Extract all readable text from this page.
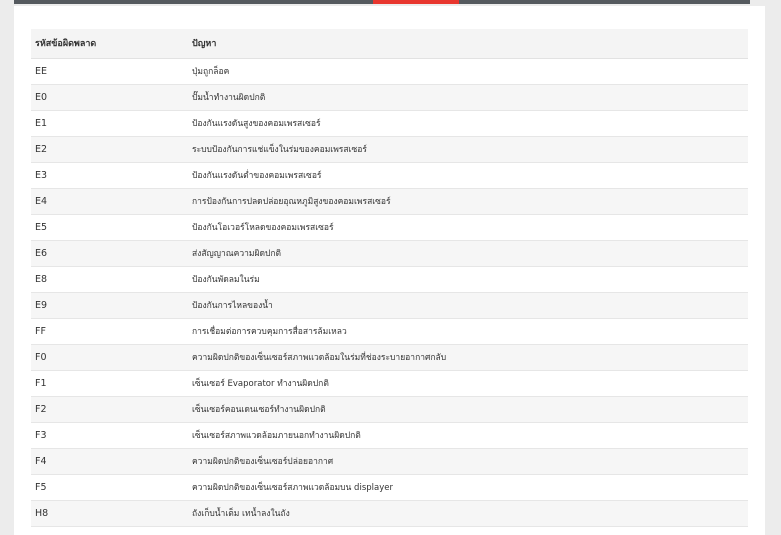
รหัสข้อผิดพลาด	ปัญหา
EE	ปุ่มถูกล็อค
E0	ปั๊มน้ำทำงานผิดปกติ
E1	ป้องกันแรงดันสูงของคอมเพรสเซอร์
E2	ระบบป้องกันการแช่แข็งในร่มของคอมเพรสเซอร์
E3	ป้องกันแรงดันต่ำของคอมเพรสเซอร์
E4	การป้องกันการปลดปล่อยอุณหภูมิสูงของคอมเพรสเซอร์
E5	ป้องกันโอเวอร์โหลดของคอมเพรสเซอร์
E6	ส่งสัญญาณความผิดปกติ
E8	ป้องกันพัดลมในร่ม
E9	ป้องกันการไหลของน้ำ
FF	การเชื่อมต่อการควบคุมการสื่อสารล้มเหลว
F0	ความผิดปกติของเซ็นเซอร์สภาพแวดล้อมในร่มที่ช่องระบายอากาศกลับ
F1	เซ็นเซอร์ Evaporator ทำงานผิดปกติ
F2	เซ็นเซอร์คอนเดนเซอร์ทำงานผิดปกติ
F3	เซ็นเซอร์สภาพแวดล้อมภายนอกทำงานผิดปกติ
F4	ความผิดปกติของเซ็นเซอร์ปล่อยอากาศ
F5	ความผิดปกติของเซ็นเซอร์สภาพแวดล้อมบน displayer
H8	ถังเก็บน้ำเต็ม เทน้ำลงในถัง
